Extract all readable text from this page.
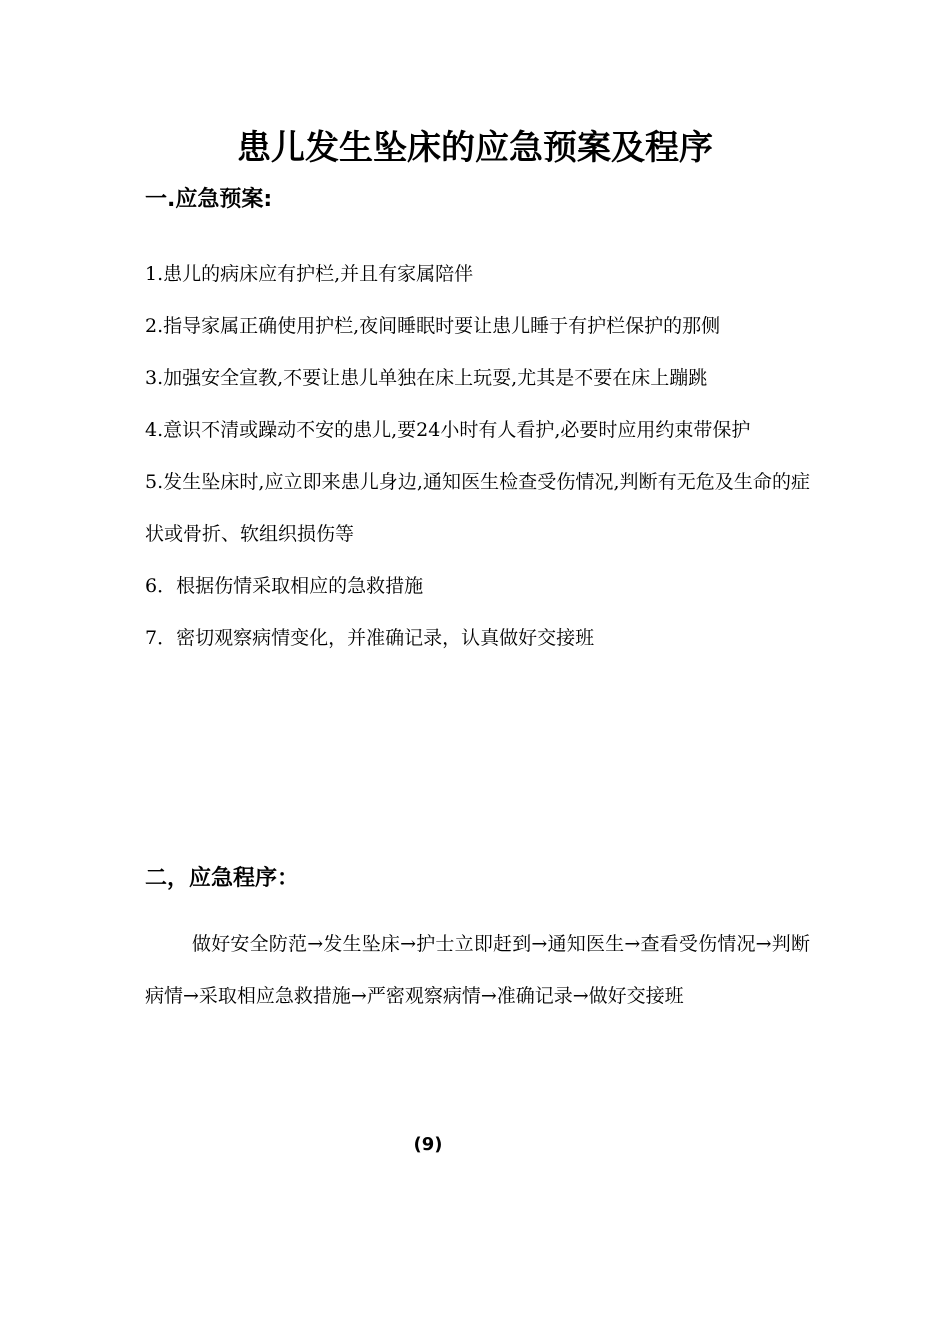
患儿发生坠床的应急预案及程序
一.应急预案:

1.患儿的病床应有护栏,并且有家属陪伴

2.指导家属正确使用护栏,夜间睡眠时要让患儿睡于有护栏保护的那侧

3.加强安全宣教,不要让患儿单独在床上玩耍,尤其是不要在床上蹦跳

4.意识不清或躁动不安的患儿,要24小时有人看护,必要时应用约束带保护

5.发生坠床时,应立即来患儿身边,通知医生检查受伤情况,判断有无危及生命的症状或骨折、软组织损伤等

6．根据伤情采取相应的急救措施

7．密切观察病情变化，并准确记录，认真做好交接班

二，应急程序：

做好安全防范→发生坠床→护士立即赶到→通知医生→查看受伤情况→判断病情→采取相应急救措施→严密观察病情→准确记录→做好交接班

(9)
